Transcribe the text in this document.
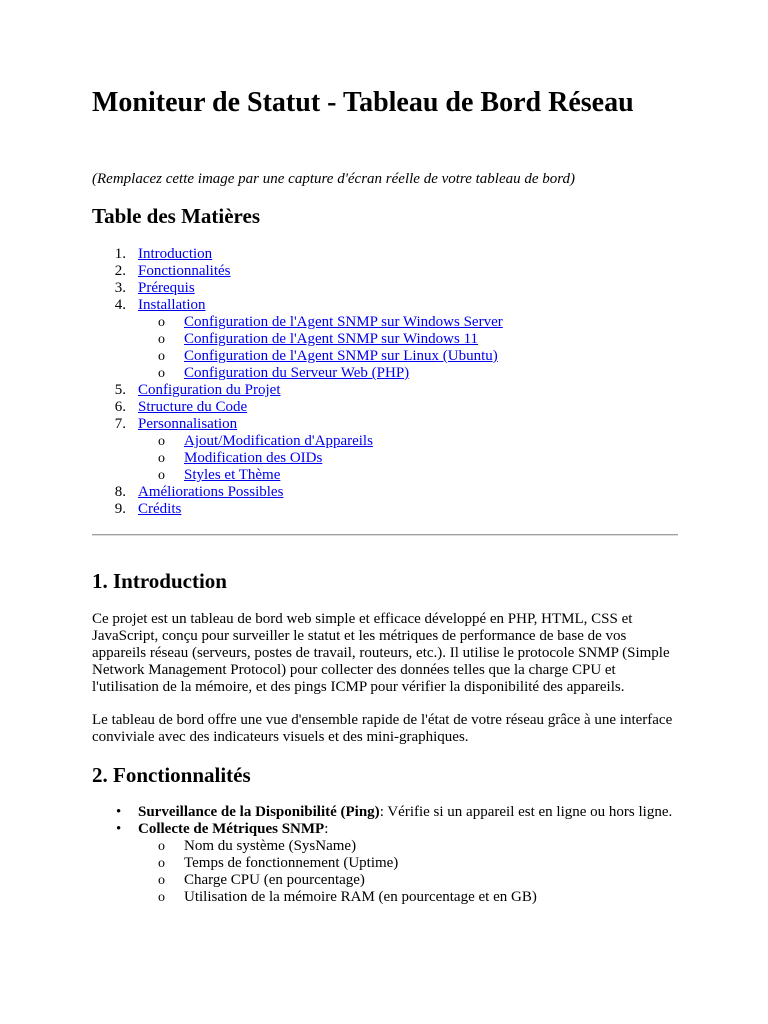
Moniteur de Statut - Tableau de Bord Réseau

(Remplacez cette image par une capture d'écran réelle de votre tableau de bord)

Table des Matières
1. Introduction
2. Fonctionnalités
3. Prérequis
4. Installation
o Configuration de l'Agent SNMP sur Windows Server
o Configuration de l'Agent SNMP sur Windows 11
o Configuration de l'Agent SNMP sur Linux (Ubuntu)
o Configuration du Serveur Web (PHP)
5. Configuration du Projet
6. Structure du Code
7. Personnalisation
o Ajout/Modification d'Appareils
o Modification des OIDs
o Styles et Thème
8. Améliorations Possibles
9. Crédits
1. Introduction

Ce projet est un tableau de bord web simple et efficace développé en PHP, HTML, CSS et JavaScript, conçu pour surveiller le statut et les métriques de performance de base de vos appareils réseau (serveurs, postes de travail, routeurs, etc.). Il utilise le protocole SNMP (Simple Network Management Protocol) pour collecter des données telles que la charge CPU et l'utilisation de la mémoire, et des pings ICMP pour vérifier la disponibilité des appareils.

Le tableau de bord offre une vue d'ensemble rapide de l'état de votre réseau grâce à une interface conviviale avec des indicateurs visuels et des mini-graphiques.

2. Fonctionnalités
• Surveillance de la Disponibilité (Ping): Vérifie si un appareil est en ligne ou hors ligne.
• Collecte de Métriques SNMP:
o Nom du système (SysName)
o Temps de fonctionnement (Uptime)
o Charge CPU (en pourcentage)
o Utilisation de la mémoire RAM (en pourcentage et en GB)
